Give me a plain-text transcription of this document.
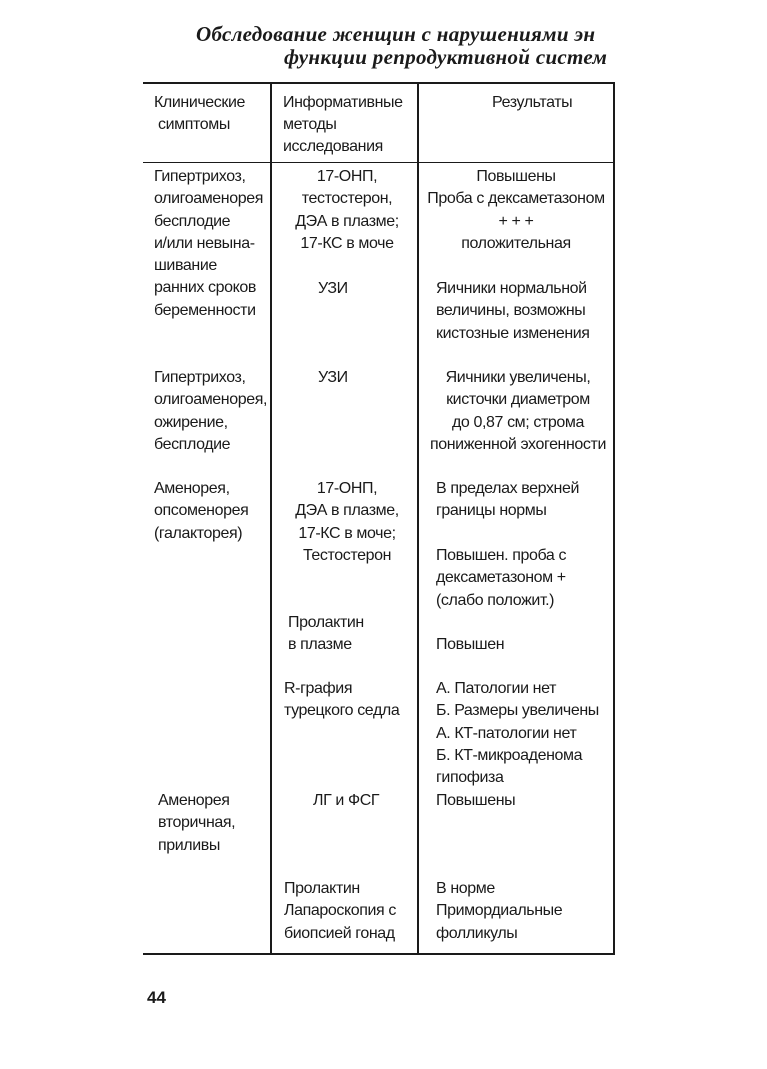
Обследование женщин с нарушениями эн
функции репродуктивной систем
Клинические
симптомы
Информативные
методы
исследования
Результаты
Гипертрихоз,
олигоаменорея
бесплодие
и/или невына-
шивание
ранних сроков
беременности
17-ОНП,
тестостерон,
ДЭА в плазме;
17-КС в моче
УЗИ
Повышены
Проба с дексаметазоном
+ + +
положительная
Яичники нормальной
величины, возможны
кистозные изменения
Гипертрихоз,
олигоаменорея,
ожирение,
бесплодие
УЗИ	Яичники увеличены,
кисточки диаметром
до 0,87 см; строма
пониженной эхогенности
Аменорея,
опсоменорея
(галакторея)
17-ОНП,
ДЭА в плазме,
17-КС в моче;
Тестостерон
Пролактин
в плазме
R-графия
турецкого седла
В пределах верхней
границы нормы
Повышен. проба с
дексаметазоном +
(слабо положит.)
Повышен
А. Патологии нет
Б. Размеры увеличены
А. КТ-патологии нет
Б. КТ-микроаденома
гипофиза
Аменорея
вторичная,
приливы
ЛГ и ФСГ
Пролактин
Лапароскопия с
биопсией гонад
Повышены
В норме
Примордиальные
фолликулы
44
